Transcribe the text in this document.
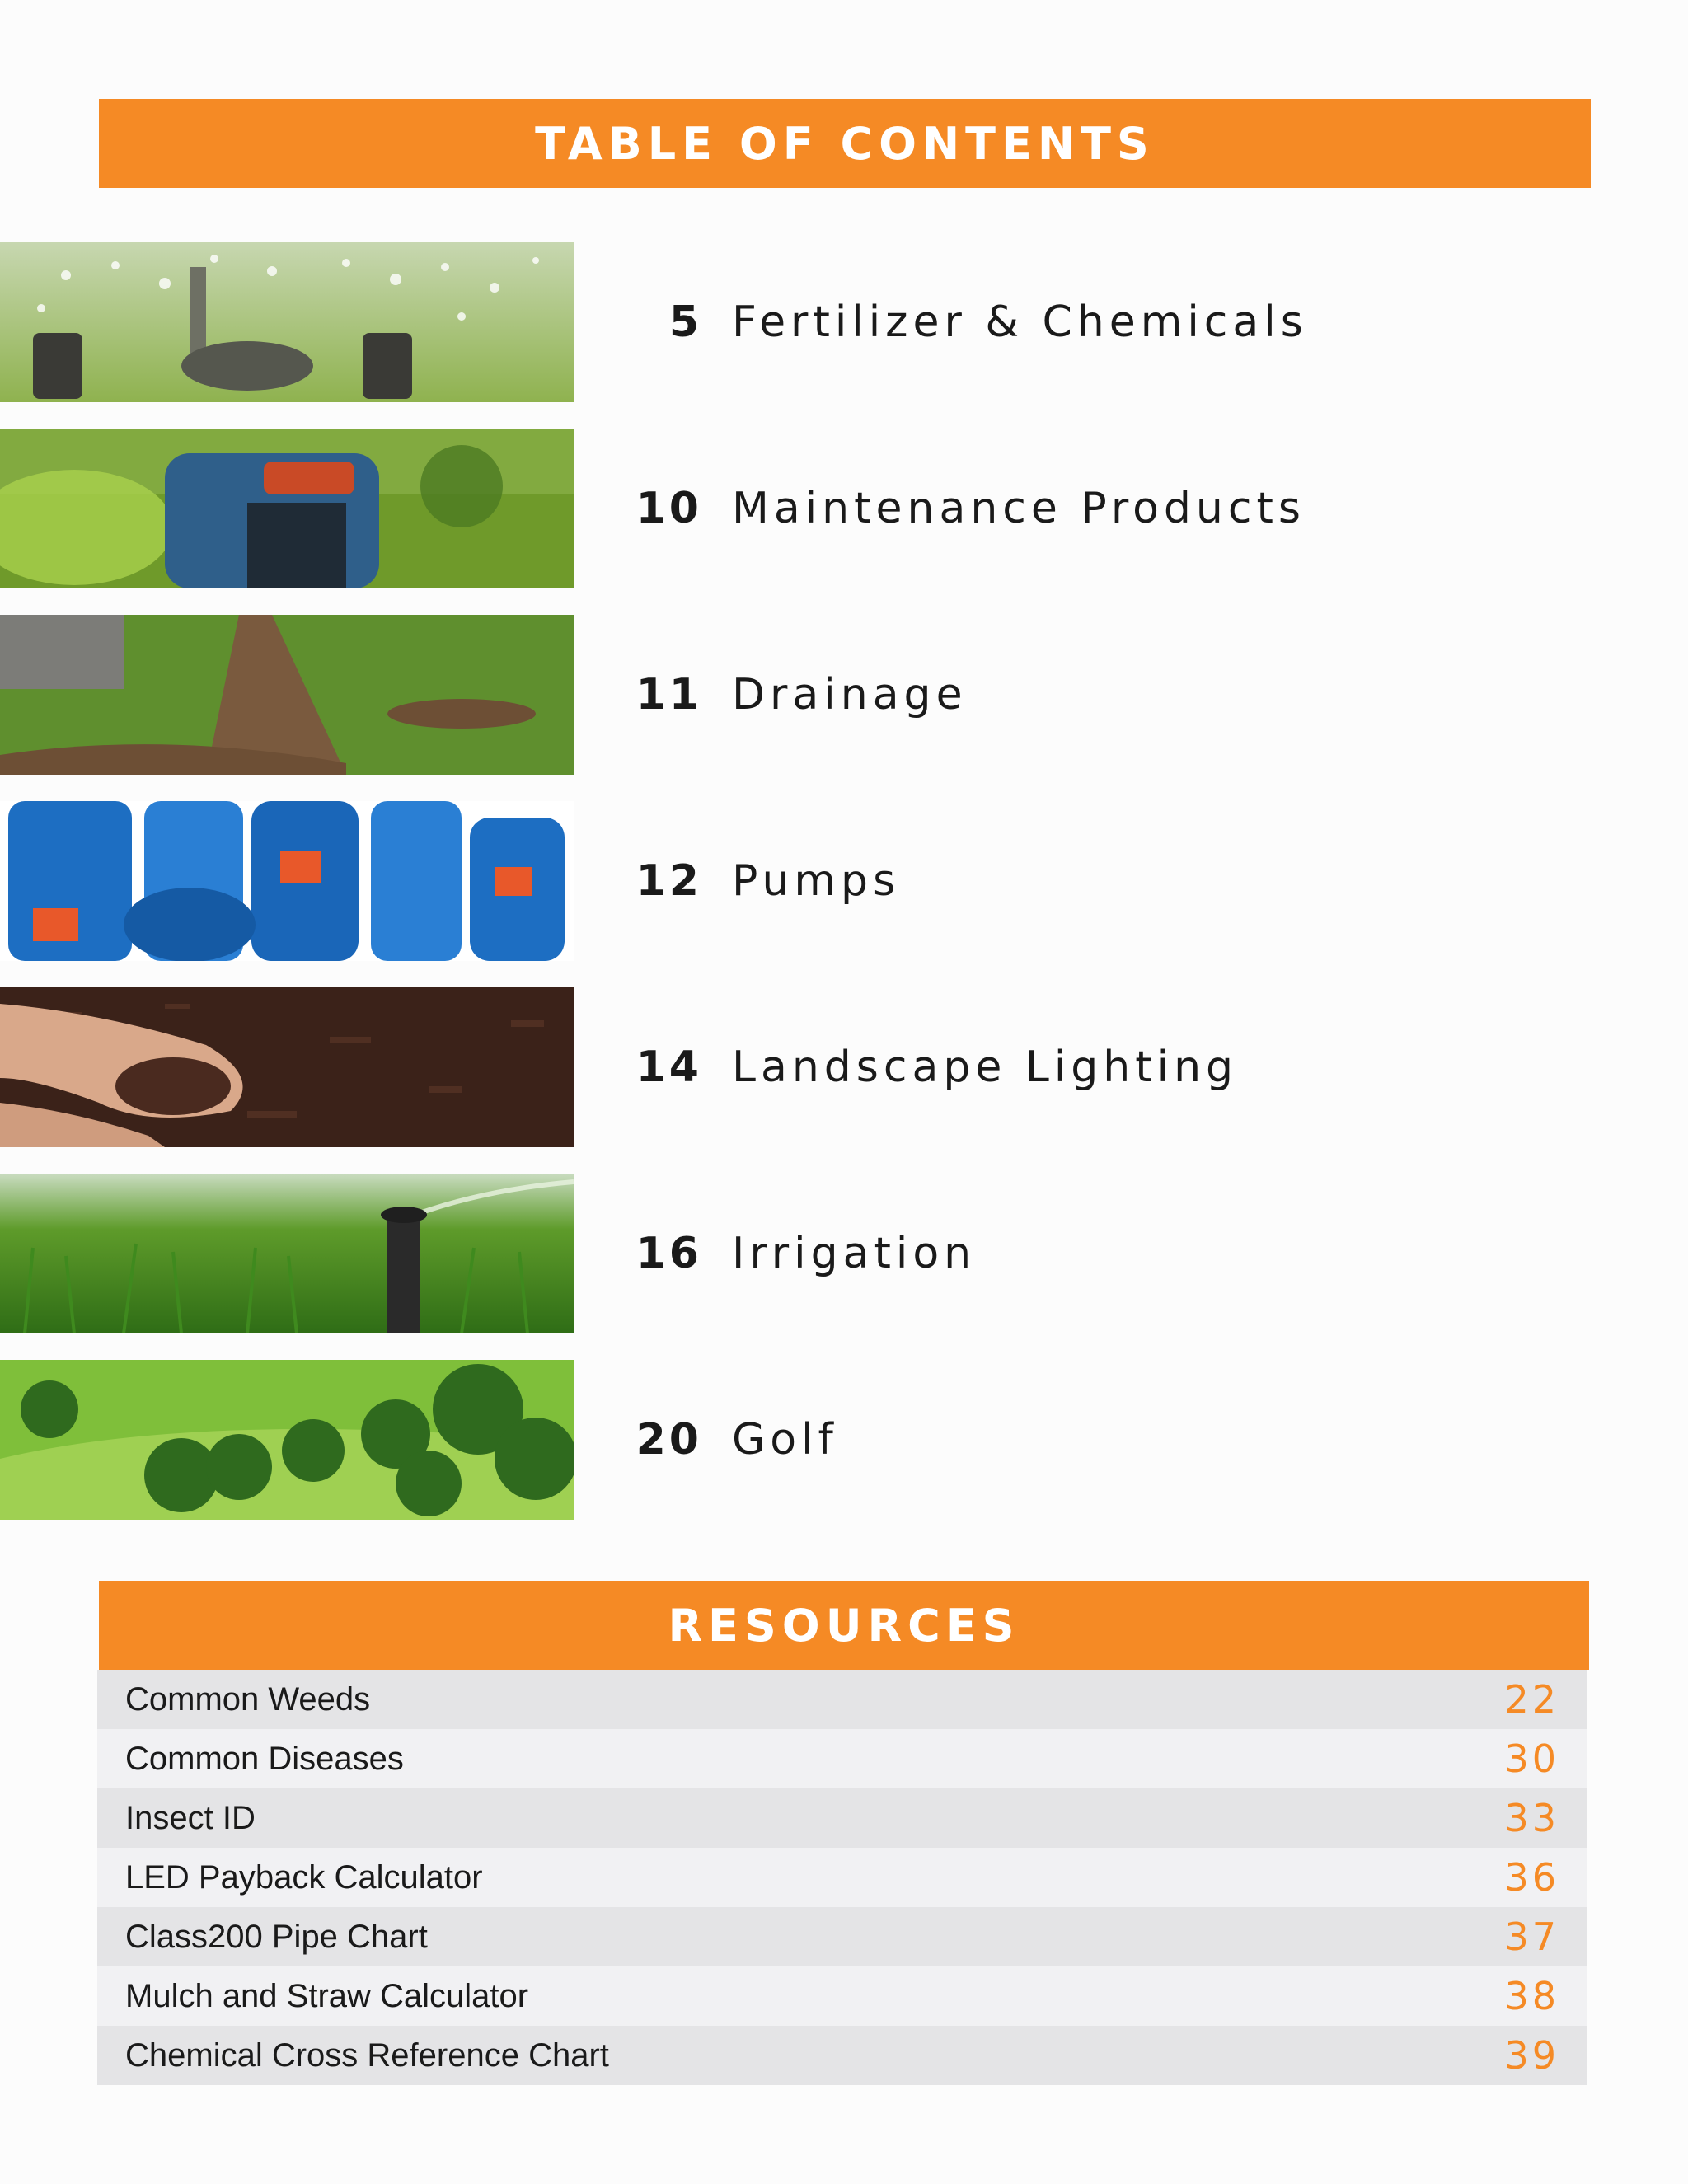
TABLE OF CONTENTS
5 Fertilizer & Chemicals
10 Maintenance Products
11 Drainage
12 Pumps
14 Landscape Lighting
16 Irrigation
20 Golf
RESOURCES
Common Weeds	22
Common Diseases	30
Insect ID	33
LED Payback Calculator	36
Class200 Pipe Chart	37
Mulch and Straw Calculator	38
Chemical Cross Reference Chart	39
